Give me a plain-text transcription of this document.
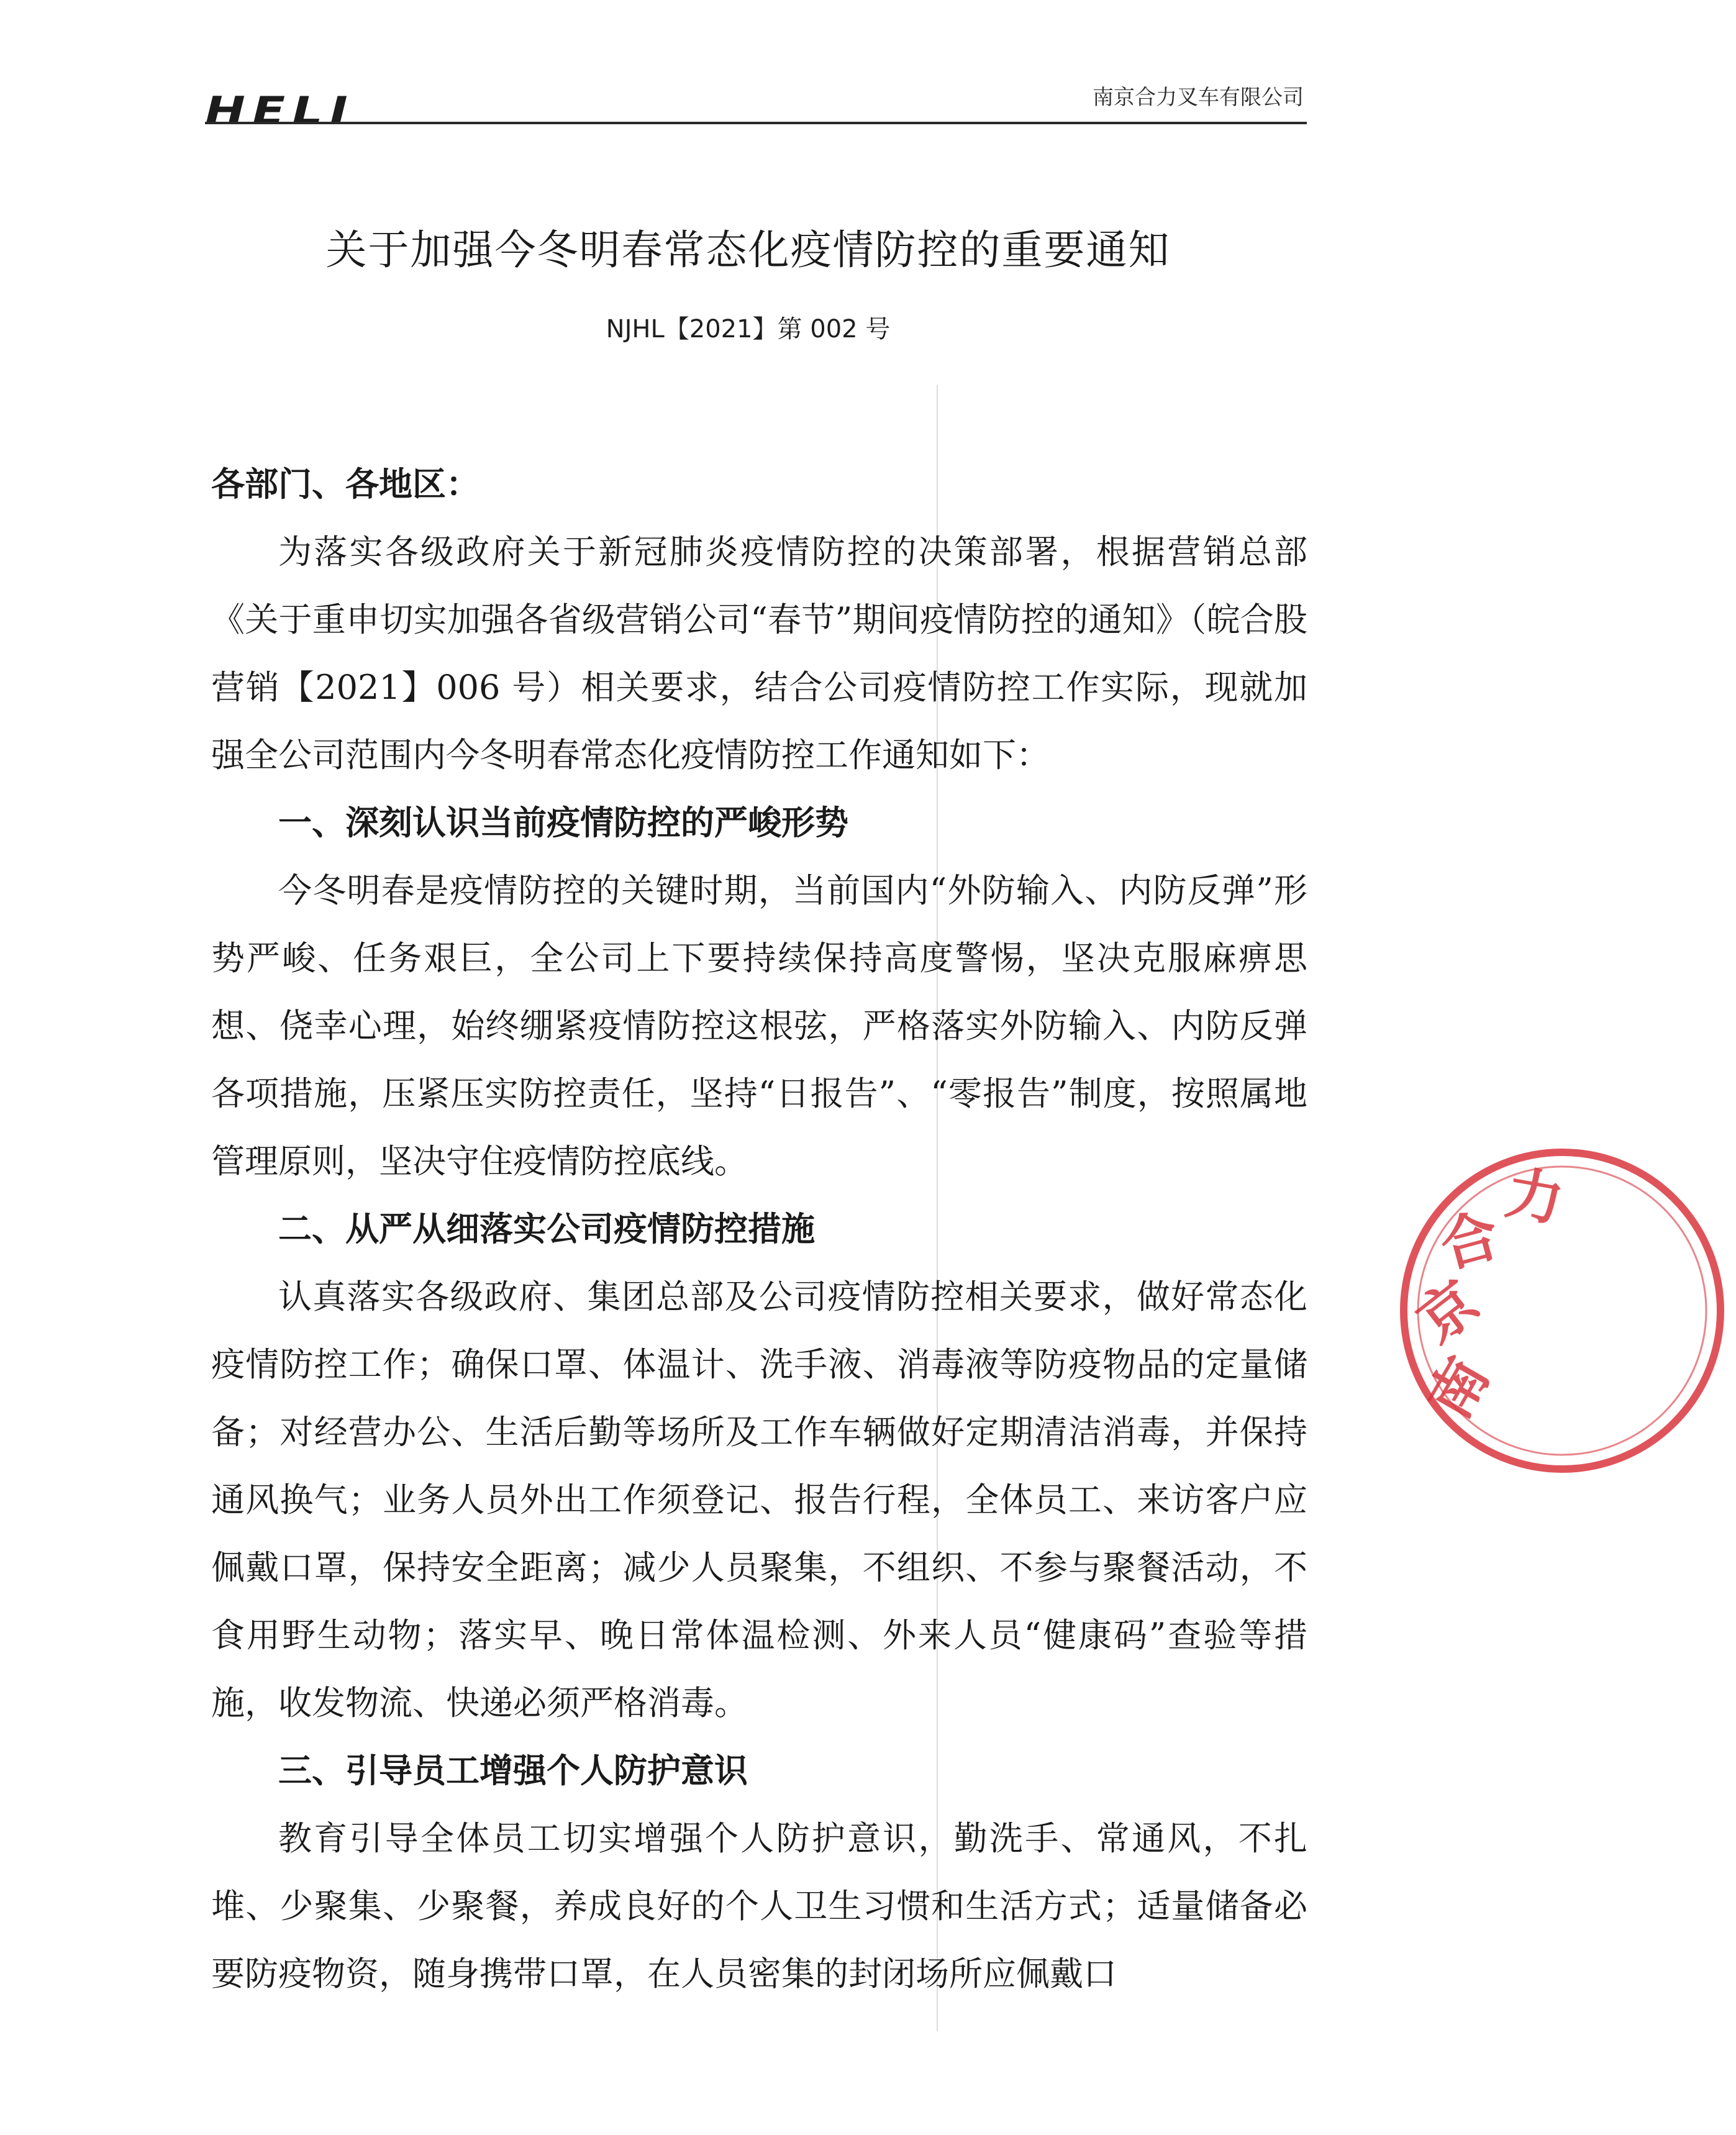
HELI	南京合力叉车有限公司
关于加强今冬明春常态化疫情防控的重要通知
NJHL【2021】第 002 号
各部门、各地区：

为落实各级政府关于新冠肺炎疫情防控的决策部署，根据营销总部《关于重申切实加强各省级营销公司“春节”期间疫情防控的通知》（皖合股营销【2021】006 号）相关要求，结合公司疫情防控工作实际，现就加强全公司范围内今冬明春常态化疫情防控工作通知如下：

一、深刻认识当前疫情防控的严峻形势

今冬明春是疫情防控的关键时期，当前国内“外防输入、内防反弹”形势严峻、任务艰巨，全公司上下要持续保持高度警惕，坚决克服麻痹思想、侥幸心理，始终绷紧疫情防控这根弦，严格落实外防输入、内防反弹各项措施，压紧压实防控责任，坚持“日报告”、“零报告”制度，按照属地管理原则，坚决守住疫情防控底线。

二、从严从细落实公司疫情防控措施

认真落实各级政府、集团总部及公司疫情防控相关要求，做好常态化疫情防控工作；确保口罩、体温计、洗手液、消毒液等防疫物品的定量储备；对经营办公、生活后勤等场所及工作车辆做好定期清洁消毒，并保持通风换气；业务人员外出工作须登记、报告行程，全体员工、来访客户应佩戴口罩，保持安全距离；减少人员聚集，不组织、不参与聚餐活动，不食用野生动物；落实早、晚日常体温检测、外来人员“健康码”查验等措施，收发物流、快递必须严格消毒。

三、引导员工增强个人防护意识

教育引导全体员工切实增强个人防护意识，勤洗手、常通风，不扎堆、少聚集、少聚餐，养成良好的个人卫生习惯和生活方式；适量储备必要防疫物资，随身携带口罩，在人员密集的封闭场所应佩戴口

南
京
合
力
